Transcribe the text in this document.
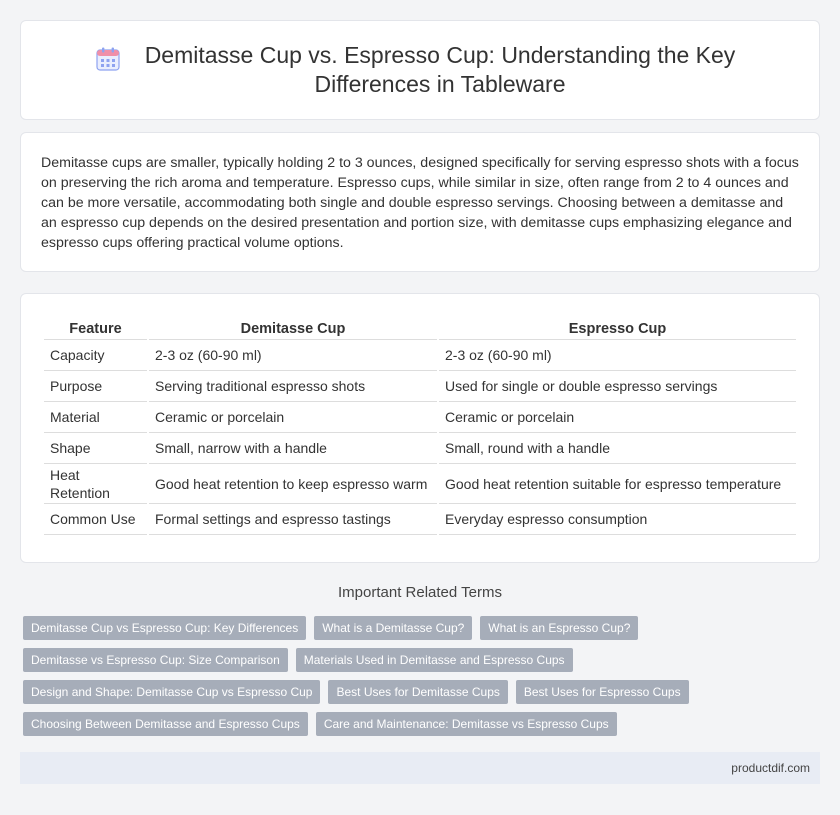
Demitasse Cup vs. Espresso Cup: Understanding the Key Differences in Tableware

Demitasse cups are smaller, typically holding 2 to 3 ounces, designed specifically for serving espresso shots with a focus on preserving the rich aroma and temperature. Espresso cups, while similar in size, often range from 2 to 4 ounces and can be more versatile, accommodating both single and double espresso servings. Choosing between a demitasse and an espresso cup depends on the desired presentation and portion size, with demitasse cups emphasizing elegance and espresso cups offering practical volume options.

Feature	Demitasse Cup	Espresso Cup
Capacity	2-3 oz (60-90 ml)	2-3 oz (60-90 ml)
Purpose	Serving traditional espresso shots	Used for single or double espresso servings
Material	Ceramic or porcelain	Ceramic or porcelain
Shape	Small, narrow with a handle	Small, round with a handle
Heat Retention	Good heat retention to keep espresso warm	Good heat retention suitable for espresso temperature
Common Use	Formal settings and espresso tastings	Everyday espresso consumption
Important Related Terms
Demitasse Cup vs Espresso Cup: Key Differences	What is a Demitasse Cup?	What is an Espresso Cup?
Demitasse vs Espresso Cup: Size Comparison	Materials Used in Demitasse and Espresso Cups
Design and Shape: Demitasse Cup vs Espresso Cup	Best Uses for Demitasse Cups	Best Uses for Espresso Cups
Choosing Between Demitasse and Espresso Cups	Care and Maintenance: Demitasse vs Espresso Cups
productdif.com
